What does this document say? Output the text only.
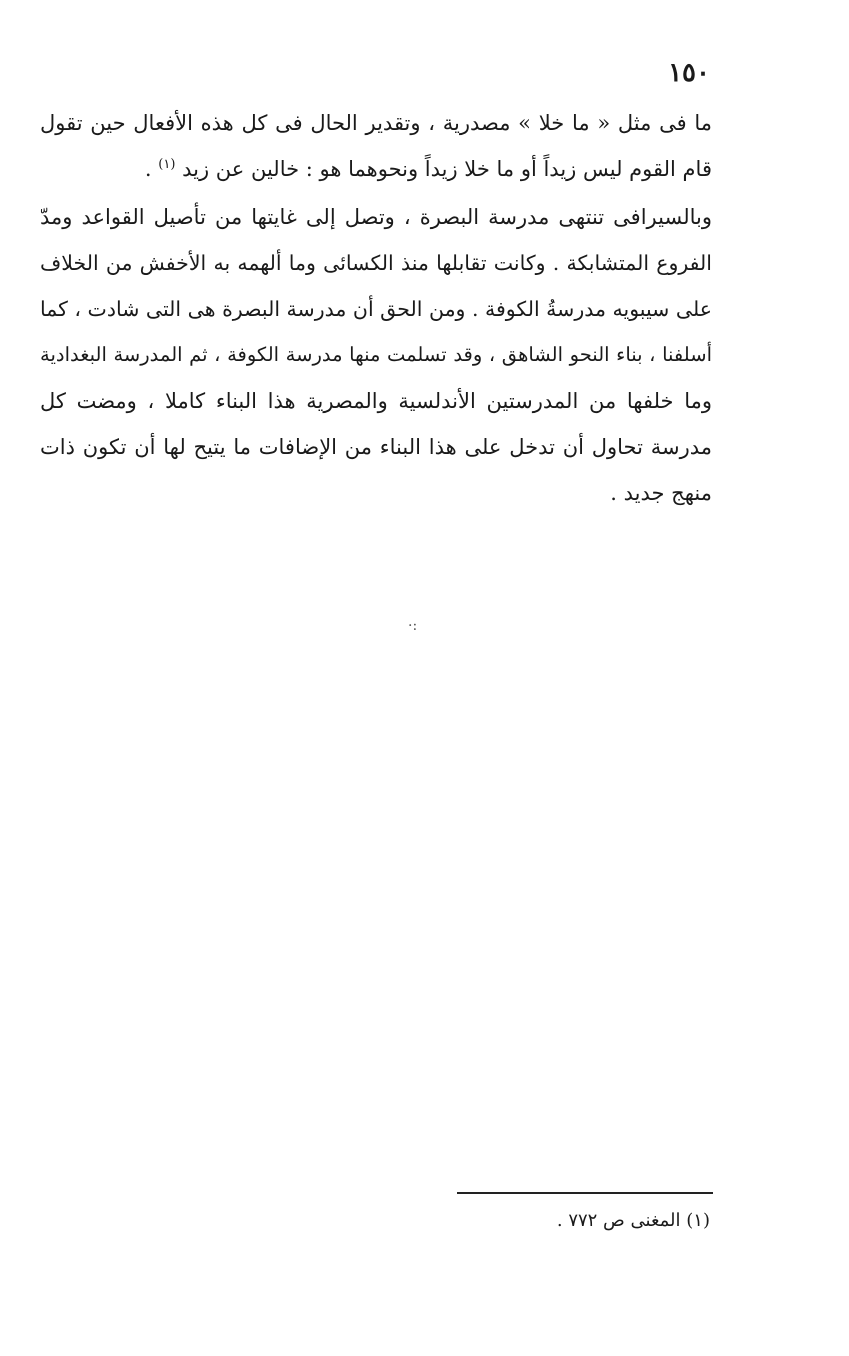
١٥٠
ما فى مثل « ما خلا » مصدرية ، وتقدير الحال فى كل هذه الأفعال حين تقول
قام القوم ليس زيداً أو ما خلا زيداً ونحوهما هو : خالين عن زيد $^{(١)}$ .
وبالسيرافى تنتهى مدرسة البصرة ، وتصل إلى غايتها من تأصيل القواعد ومدّ
الفروع المتشابكة . وكانت تقابلها منذ الكسائى وما ألهمه به الأخفش من الخلاف
على سيبويه مدرسةُ الكوفة . ومن الحق أن مدرسة البصرة هى التى شادت ، كما
أسلفنا ، بناء النحو الشاهق ، وقد تسلمت منها مدرسة الكوفة ، ثم المدرسة البغدادية
وما خلفها من المدرستين الأندلسية والمصرية هذا البناء كاملا ، ومضت كل
مدرسة تحاول أن تدخل على هذا البناء من الإضافات ما يتيح لها أن تكون ذات
منهج جديد .
·:
(١) المغنى ص ٧٧٢ .
